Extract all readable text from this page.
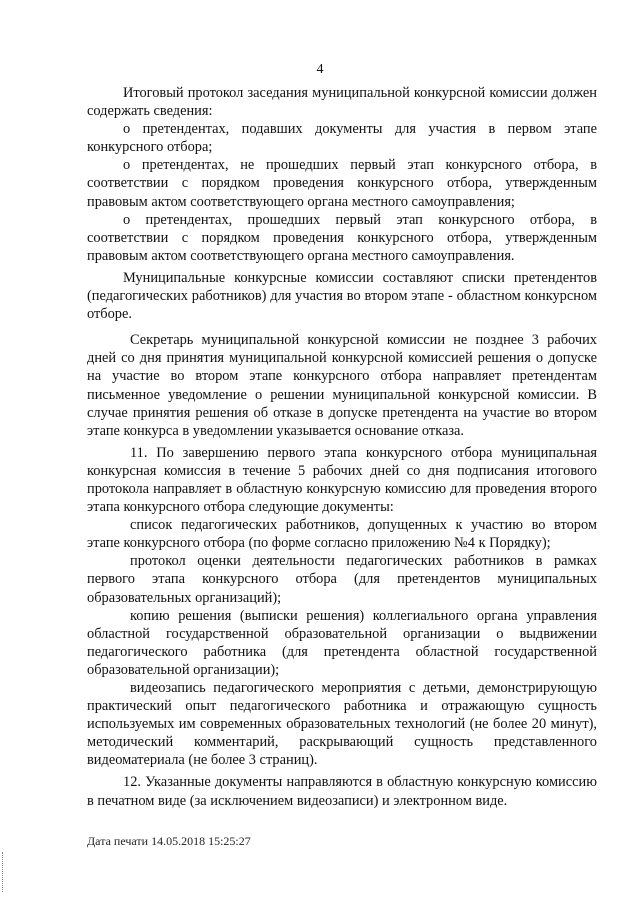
4

Итоговый протокол заседания муниципальной конкурсной комиссии должен содержать сведения:

о претендентах, подавших документы для участия в первом этапе конкурсного отбора;

о претендентах, не прошедших первый этап конкурсного отбора, в соответствии с порядком проведения конкурсного отбора, утвержденным правовым актом соответствующего органа местного самоуправления;

о претендентах, прошедших первый этап конкурсного отбора, в соответствии с порядком проведения конкурсного отбора, утвержденным правовым актом соответствующего органа местного самоуправления.

Муниципальные конкурсные комиссии составляют списки претендентов (педагогических работников) для участия во втором этапе - областном конкурсном отборе.

Секретарь муниципальной конкурсной комиссии не позднее 3 рабочих дней со дня принятия муниципальной конкурсной комиссией решения о допуске на участие во втором этапе конкурсного отбора направляет претендентам письменное уведомление о решении муниципальной конкурсной комиссии. В случае принятия решения об отказе в допуске претендента на участие во втором этапе конкурса в уведомлении указывается основание отказа.

11. По завершению первого этапа конкурсного отбора муниципальная конкурсная комиссия в течение 5 рабочих дней со дня подписания итогового протокола направляет в областную конкурсную комиссию для проведения второго этапа конкурсного отбора следующие документы:

список педагогических работников, допущенных к участию во втором этапе конкурсного отбора (по форме согласно приложению №4 к Порядку);

протокол оценки деятельности педагогических работников в рамках первого этапа конкурсного отбора (для претендентов муниципальных образовательных организаций);

копию решения (выписки решения) коллегиального органа управления областной государственной образовательной организации о выдвижении педагогического работника (для претендента областной государственной образовательной организации);

видеозапись педагогического мероприятия с детьми, демонстрирующую практический опыт педагогического работника и отражающую сущность используемых им современных образовательных технологий (не более 20 минут), методический комментарий, раскрывающий сущность представленного видеоматериала (не более 3 страниц).

12. Указанные документы направляются в областную конкурсную комиссию в печатном виде (за исключением видеозаписи) и электронном виде.

Дата печати 14.05.2018 15:25:27
